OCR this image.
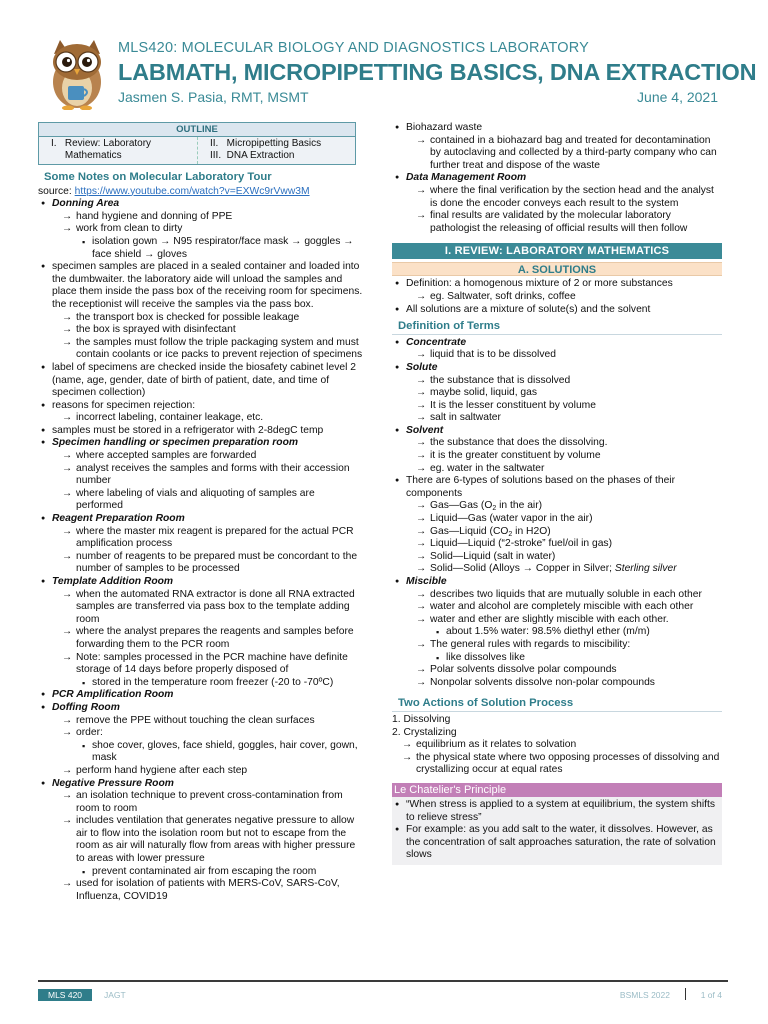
MLS420: MOLECULAR BIOLOGY AND DIAGNOSTICS LABORATORY
LABMATH, MICROPIPETTING BASICS, DNA EXTRACTION
Jasmen S. Pasia, RMT, MSMT	June 4, 2021
OUTLINE
I.   Review: Laboratory
Mathematics
II.   Micropipetting Basics
III.  DNA Extraction
Some Notes on Molecular Laboratory Tour
source: https://www.youtube.com/watch?v=EXWc9rVww3M
● Donning Area
→ hand hygiene and donning of PPE
→ work from clean to dirty
▪ isolation gown → N95 respirator/face mask → goggles → face shield → gloves
● specimen samples are placed in a sealed container and loaded into the dumbwaiter. the laboratory aide will unload the samples and place them inside the pass box of the receiving room for specimens. the receptionist will receive the samples via the pass box.
→ the transport box is checked for possible leakage
→ the box is sprayed with disinfectant
→ the samples must follow the triple packaging system and must contain coolants or ice packs to prevent rejection of specimens
● label of specimens are checked inside the biosafety cabinet level 2 (name, age, gender, date of birth of patient, date, and time of specimen collection)
● reasons for specimen rejection:
→ incorrect labeling, container leakage, etc.
● samples must be stored in a refrigerator with 2-8degC temp
● Specimen handling or specimen preparation room
→ where accepted samples are forwarded
→ analyst receives the samples and forms with their accession number
→ where labeling of vials and aliquoting of samples are performed
● Reagent Preparation Room
→ where the master mix reagent is prepared for the actual PCR amplification process
→ number of reagents to be prepared must be concordant to the number of samples to be processed
● Template Addition Room
→ when the automated RNA extractor is done all RNA extracted samples are transferred via pass box to the template adding room
→ where the analyst prepares the reagents and samples before forwarding them to the PCR room
→ Note: samples processed in the PCR machine have definite storage of 14 days before properly disposed of
▪ stored in the temperature room freezer (-20 to -70ºC)
● PCR Amplification Room
● Doffing Room
→ remove the PPE without touching the clean surfaces
→ order:
▪ shoe cover, gloves, face shield, goggles, hair cover, gown, mask
→ perform hand hygiene after each step
● Negative Pressure Room
→ an isolation technique to prevent cross-contamination from room to room
→ includes ventilation that generates negative pressure to allow air to flow into the isolation room but not to escape from the room as air will naturally flow from areas with higher pressure to areas with lower pressure
▪ prevent contaminated air from escaping the room
→ used for isolation of patients with MERS-CoV, SARS-CoV, Influenza, COVID19
● Biohazard waste
→ contained in a biohazard bag and treated for decontamination by autoclaving and collected by a third-party company who can further treat and dispose of the waste
● Data Management Room
→ where the final verification by the section head and the analyst is done the encoder conveys each result to the system
→ final results are validated by the molecular laboratory pathologist the releasing of official results will then follow
I. REVIEW: LABORATORY MATHEMATICS
A. SOLUTIONS
● Definition: a homogenous mixture of 2 or more substances
→ eg. Saltwater, soft drinks, coffee
● All solutions are a mixture of solute(s) and the solvent
Definition of Terms
● Concentrate
→ liquid that is to be dissolved
● Solute
→ the substance that is dissolved
→ maybe solid, liquid, gas
→ It is the lesser constituent by volume
→ salt in saltwater
● Solvent
→ the substance that does the dissolving.
→ it is the greater constituent by volume
→ eg. water in the saltwater
● There are 6-types of solutions based on the phases of their components
→ Gas—Gas ($O_2$ in the air)
→ Liquid—Gas (water vapor in the air)
→ Gas—Liquid ($CO_2$ in H2O)
→ Liquid—Liquid (“2-stroke” fuel/oil in gas)
→ Solid—Liquid (salt in water)
→ Solid—Solid (Alloys → Copper in Silver; Sterling silver
● Miscible
→ describes two liquids that are mutually soluble in each other
→ water and alcohol are completely miscible with each other
→ water and ether are slightly miscible with each other.
▪ about 1.5% water: 98.5% diethyl ether (m/m)
→ The general rules with regards to miscibility:
▪ like dissolves like
→ Polar solvents dissolve polar compounds
→ Nonpolar solvents dissolve non-polar compounds
Two Actions of Solution Process
1. Dissolving
2. Crystalizing
→ equilibrium as it relates to solvation
→ the physical state where two opposing processes of dissolving and crystallizing occur at equal rates
Le Chatelier's Principle
● “When stress is applied to a system at equilibrium, the system shifts to relieve stress”
● For example: as you add salt to the water, it dissolves. However, as the concentration of salt approaches saturation, the rate of solvation slows
MLS 420	JAGT	BSMLS 2022	1 of 4
